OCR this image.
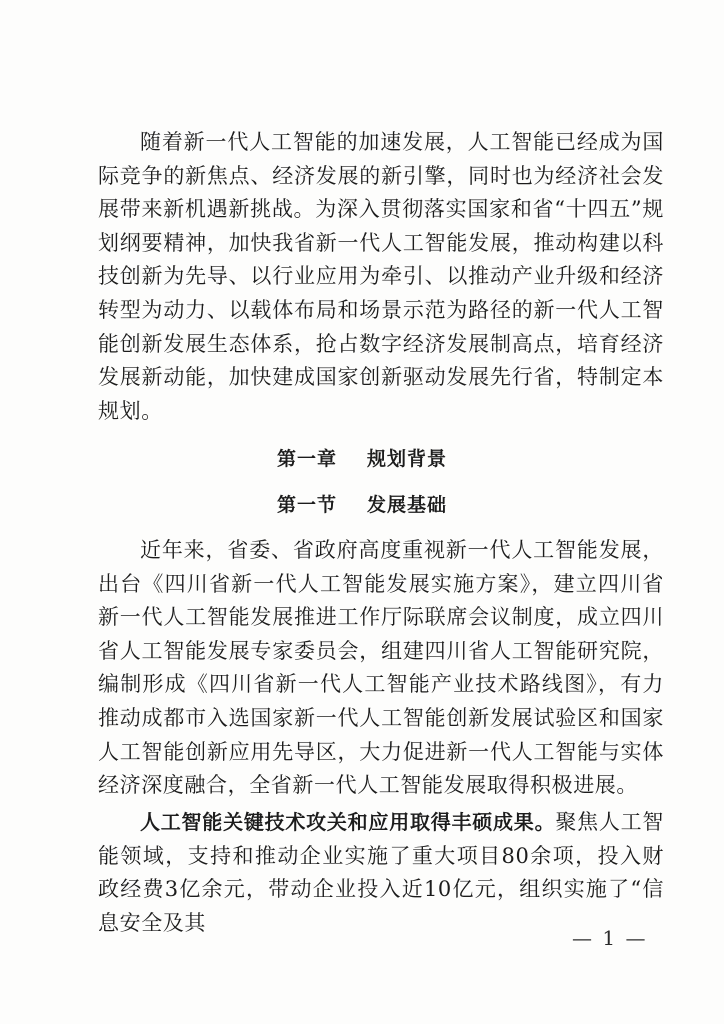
随着新一代人工智能的加速发展，人工智能已经成为国际竞争的新焦点、经济发展的新引擎，同时也为经济社会发展带来新机遇新挑战。为深入贯彻落实国家和省“十四五”规划纲要精神，加快我省新一代人工智能发展，推动构建以科技创新为先导、以行业应用为牵引、以推动产业升级和经济转型为动力、以载体布局和场景示范为路径的新一代人工智能创新发展生态体系，抢占数字经济发展制高点，培育经济发展新动能，加快建成国家创新驱动发展先行省，特制定本规划。

第一章 规划背景
第一节 发展基础

近年来，省委、省政府高度重视新一代人工智能发展，出台《四川省新一代人工智能发展实施方案》，建立四川省新一代人工智能发展推进工作厅际联席会议制度，成立四川省人工智能发展专家委员会，组建四川省人工智能研究院，编制形成《四川省新一代人工智能产业技术路线图》，有力推动成都市入选国家新一代人工智能创新发展试验区和国家人工智能创新应用先导区，大力促进新一代人工智能与实体经济深度融合，全省新一代人工智能发展取得积极进展。

人工智能关键技术攻关和应用取得丰硕成果。聚焦人工智能领域，支持和推动企业实施了重大项目80余项，投入财政经费3亿余元，带动企业投入近10亿元，组织实施了“信息安全及其

— 1 —
